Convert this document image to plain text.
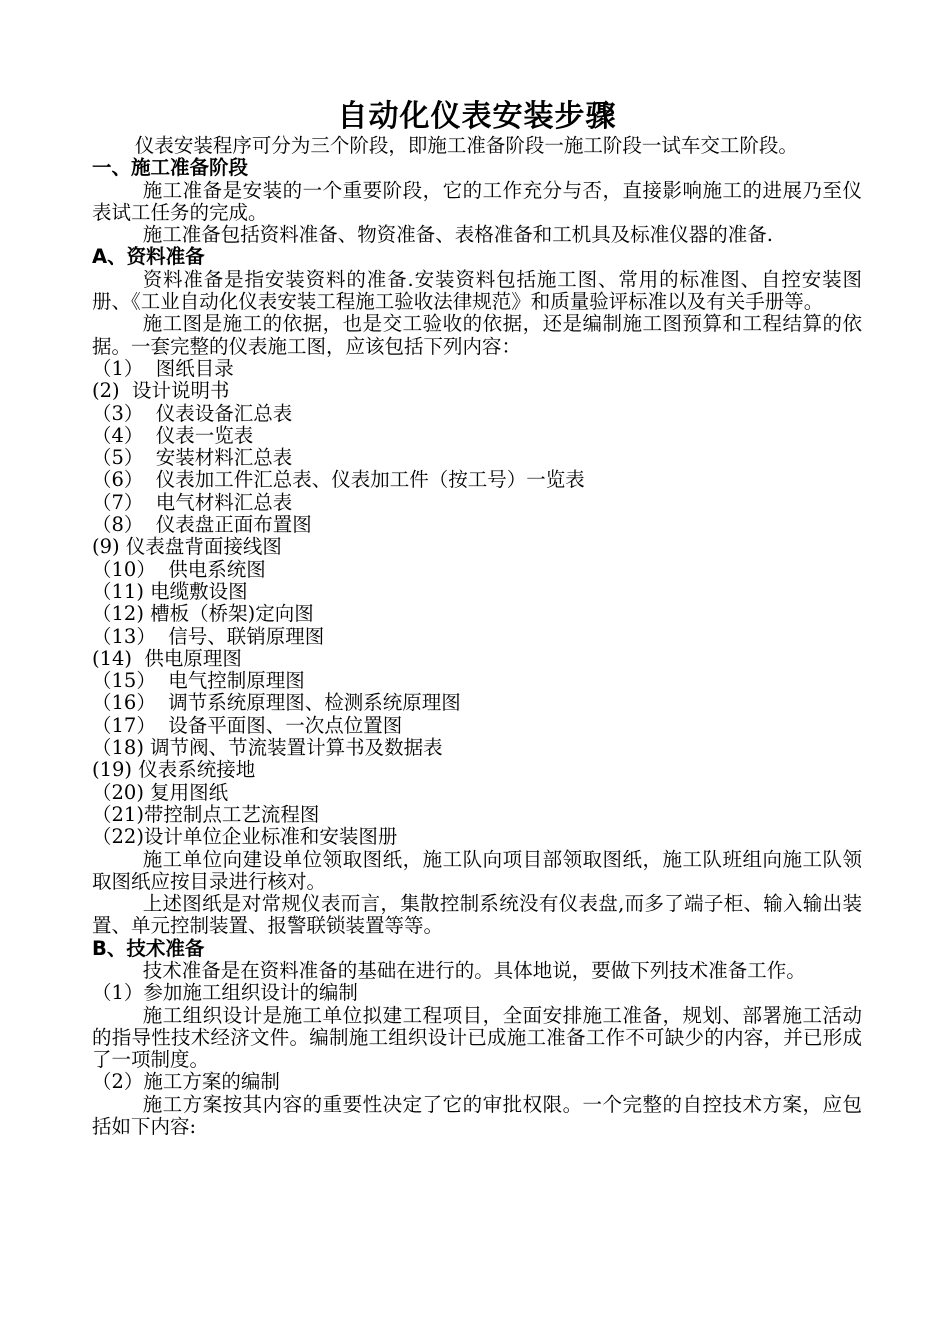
自动化仪表安装步骤

仪表安装程序可分为三个阶段，即施工准备阶段一施工阶段一试车交工阶段。

一、施工准备阶段

施工准备是安装的一个重要阶段，它的工作充分与否，直接影响施工的进展乃至仪表试工任务的完成。

施工准备包括资料准备、物资准备、表格准备和工机具及标准仪器的准备.

A、资料准备

资料准备是指安装资料的准备.安装资料包括施工图、常用的标准图、自控安装图册、《工业自动化仪表安装工程施工验收法律规范》和质量验评标准以及有关手册等。

施工图是施工的依据，也是交工验收的依据，还是编制施工图预算和工程结算的依据。一套完整的仪表施工图，应该包括下列内容：

（1）  图纸目录

(2)  设计说明书

（3）  仪表设备汇总表

（4）  仪表一览表

（5）  安装材料汇总表

（6）  仪表加工件汇总表、仪表加工件（按工号）一览表

（7）  电气材料汇总表

（8）  仪表盘正面布置图

(9) 仪表盘背面接线图

（10）  供电系统图

（11) 电缆敷设图

（12) 槽板（桥架)定向图

（13）  信号、联销原理图

(14)  供电原理图

（15）  电气控制原理图

（16）  调节系统原理图、检测系统原理图

（17）  设备平面图、一次点位置图

（18) 调节阀、节流装置计算书及数据表

(19) 仪表系统接地

（20) 复用图纸

（21)带控制点工艺流程图

（22)设计单位企业标准和安装图册

施工单位向建设单位领取图纸，施工队向项目部领取图纸，施工队班组向施工队领取图纸应按目录进行核对。

上述图纸是对常规仪表而言，集散控制系统没有仪表盘,而多了端子柜、输入输出装置、单元控制装置、报警联锁装置等等。

B、技术准备

技术准备是在资料准备的基础在进行的。具体地说，要做下列技术准备工作。

（1）参加施工组织设计的编制

施工组织设计是施工单位拟建工程项目，全面安排施工准备，规划、部署施工活动的指导性技术经济文件。编制施工组织设计已成施工准备工作不可缺少的内容，并已形成了一项制度。

（2）施工方案的编制

施工方案按其内容的重要性决定了它的审批权限。一个完整的自控技术方案，应包括如下内容:
